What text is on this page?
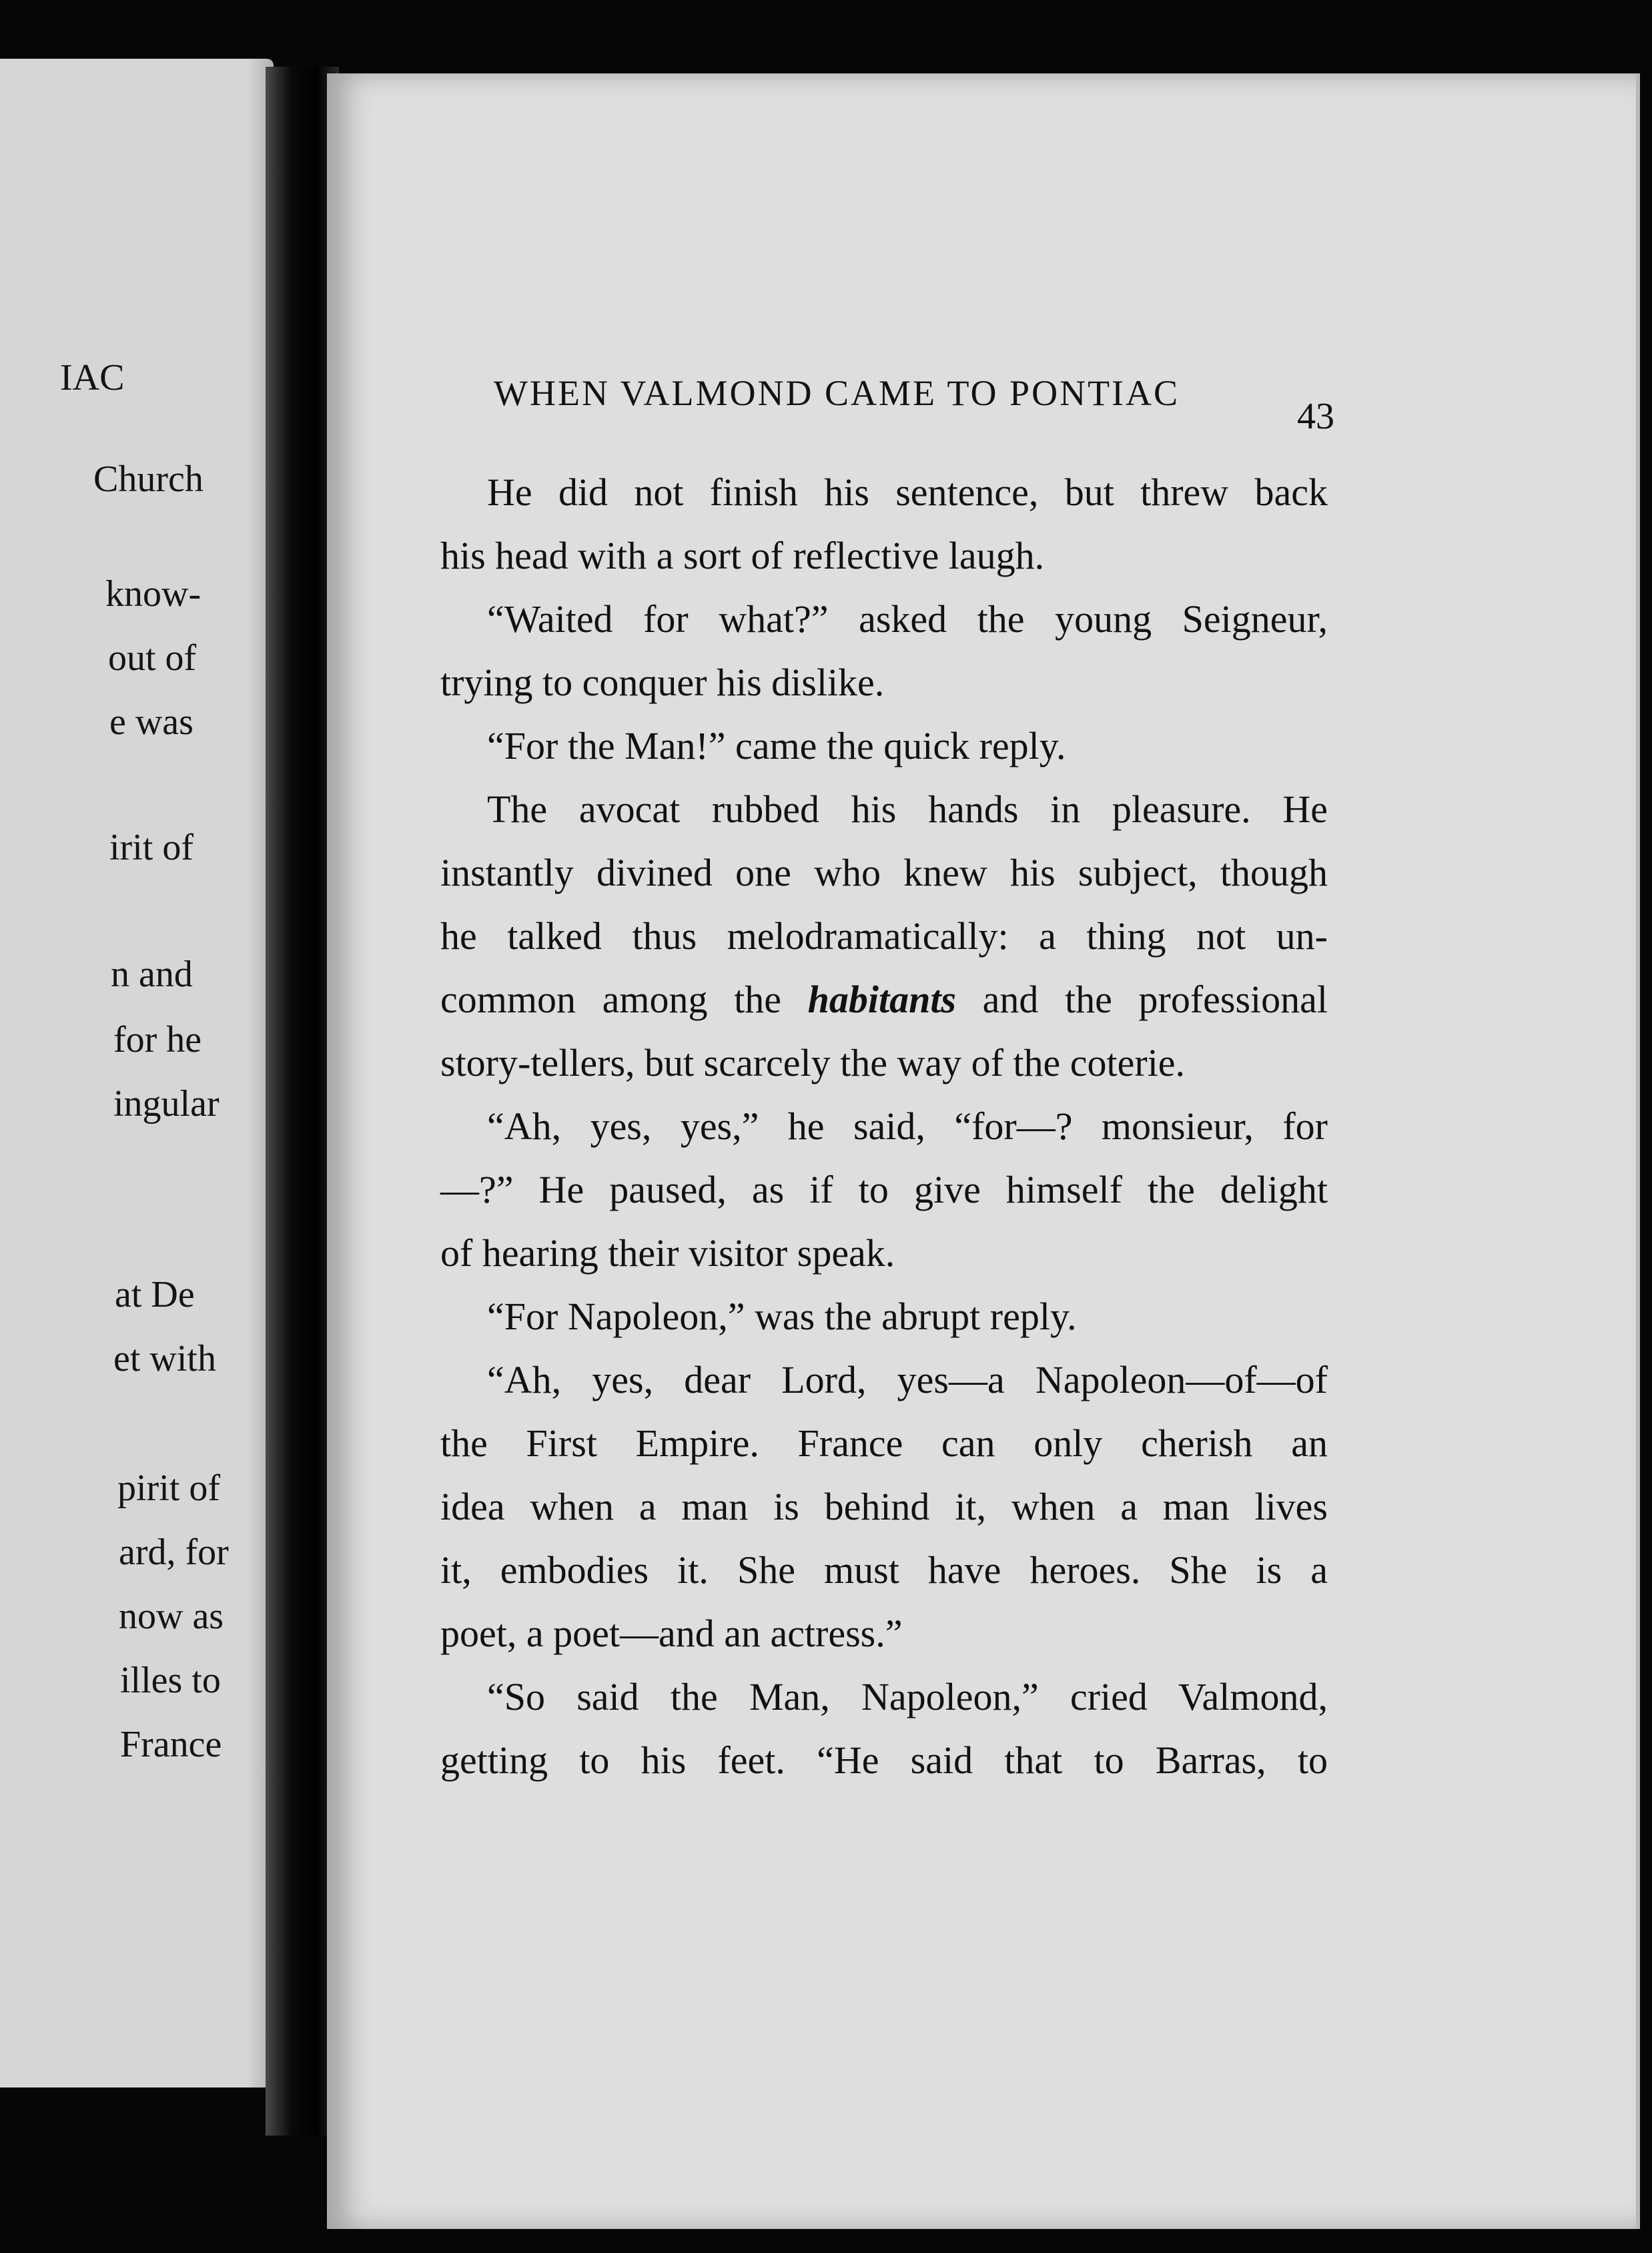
IAC
Church
know-
out of
e was
irit of
n and
for he
ingular
at De
et with
pirit of
ard, for
now as
illes to
France
WHEN VALMOND CAME TO PONTIAC
43
He did not finish his sentence, but threw back
his head with a sort of reflective laugh.
“Waited for what?” asked the young Seigneur,
trying to conquer his dislike.
“For the Man!” came the quick reply.
The avocat rubbed his hands in pleasure. He
instantly divined one who knew his subject, though
he talked thus melodramatically: a thing not un-
common among the habitants and the professional
story-tellers, but scarcely the way of the coterie.
“Ah, yes, yes,” he said, “for—? monsieur, for
—?” He paused, as if to give himself the delight
of hearing their visitor speak.
“For Napoleon,” was the abrupt reply.
“Ah, yes, dear Lord, yes—a Napoleon—of—of
the First Empire. France can only cherish an
idea when a man is behind it, when a man lives
it, embodies it. She must have heroes. She is a
poet, a poet—and an actress.”
“So said the Man, Napoleon,” cried Valmond,
getting to his feet. “He said that to Barras, to
